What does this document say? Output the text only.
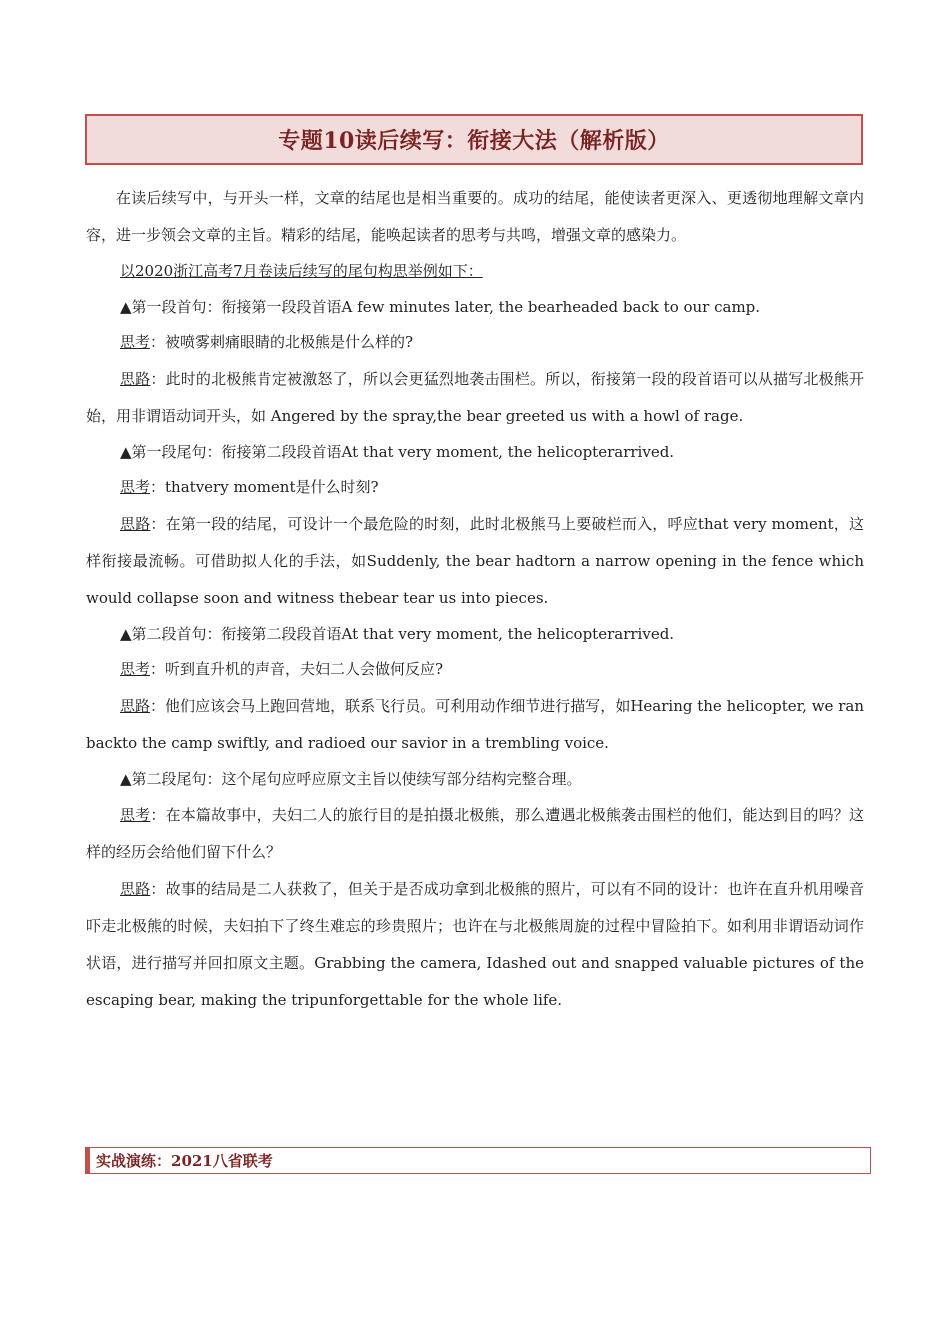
专题10读后续写：衔接大法（解析版）

在读后续写中，与开头一样，文章的结尾也是相当重要的。成功的结尾，能使读者更深入、更透彻地理解文章内容，进一步领会文章的主旨。精彩的结尾，能唤起读者的思考与共鸣，增强文章的感染力。

以2020浙江高考7月卷读后续写的尾句构思举例如下：

▲第一段首句：衔接第一段段首语A few minutes later, the bearheaded back to our camp.

思考：被喷雾刺痛眼睛的北极熊是什么样的?

思路：此时的北极熊肯定被激怒了，所以会更猛烈地袭击围栏。所以，衔接第一段的段首语可以从描写北极熊开始，用非谓语动词开头，如 Angered by the spray,the bear greeted us with a howl of rage.

▲第一段尾句：衔接第二段段首语At that very moment, the helicopterarrived.

思考：thatvery moment是什么时刻?

思路：在第一段的结尾，可设计一个最危险的时刻，此时北极熊马上要破栏而入，呼应that very moment，这样衔接最流畅。可借助拟人化的手法，如Suddenly, the bear hadtorn a narrow opening in the fence which would collapse soon and witness thebear tear us into pieces.

▲第二段首句：衔接第二段段首语At that very moment, the helicopterarrived.

思考：听到直升机的声音，夫妇二人会做何反应?

思路：他们应该会马上跑回营地，联系飞行员。可利用动作细节进行描写，如Hearing the helicopter, we ran backto the camp swiftly, and radioed our savior in a trembling voice.

▲第二段尾句：这个尾句应呼应原文主旨以使续写部分结构完整合理。

思考：在本篇故事中，夫妇二人的旅行目的是拍摄北极熊，那么遭遇北极熊袭击围栏的他们，能达到目的吗？这样的经历会给他们留下什么？

思路：故事的结局是二人获救了，但关于是否成功拿到北极熊的照片，可以有不同的设计：也许在直升机用噪音吓走北极熊的时候，夫妇拍下了终生难忘的珍贵照片；也许在与北极熊周旋的过程中冒险拍下。如利用非谓语动词作状语，进行描写并回扣原文主题。Grabbing the camera, Idashed out and snapped valuable pictures of the escaping bear, making the tripunforgettable for the whole life.

实战演练：2021八省联考
